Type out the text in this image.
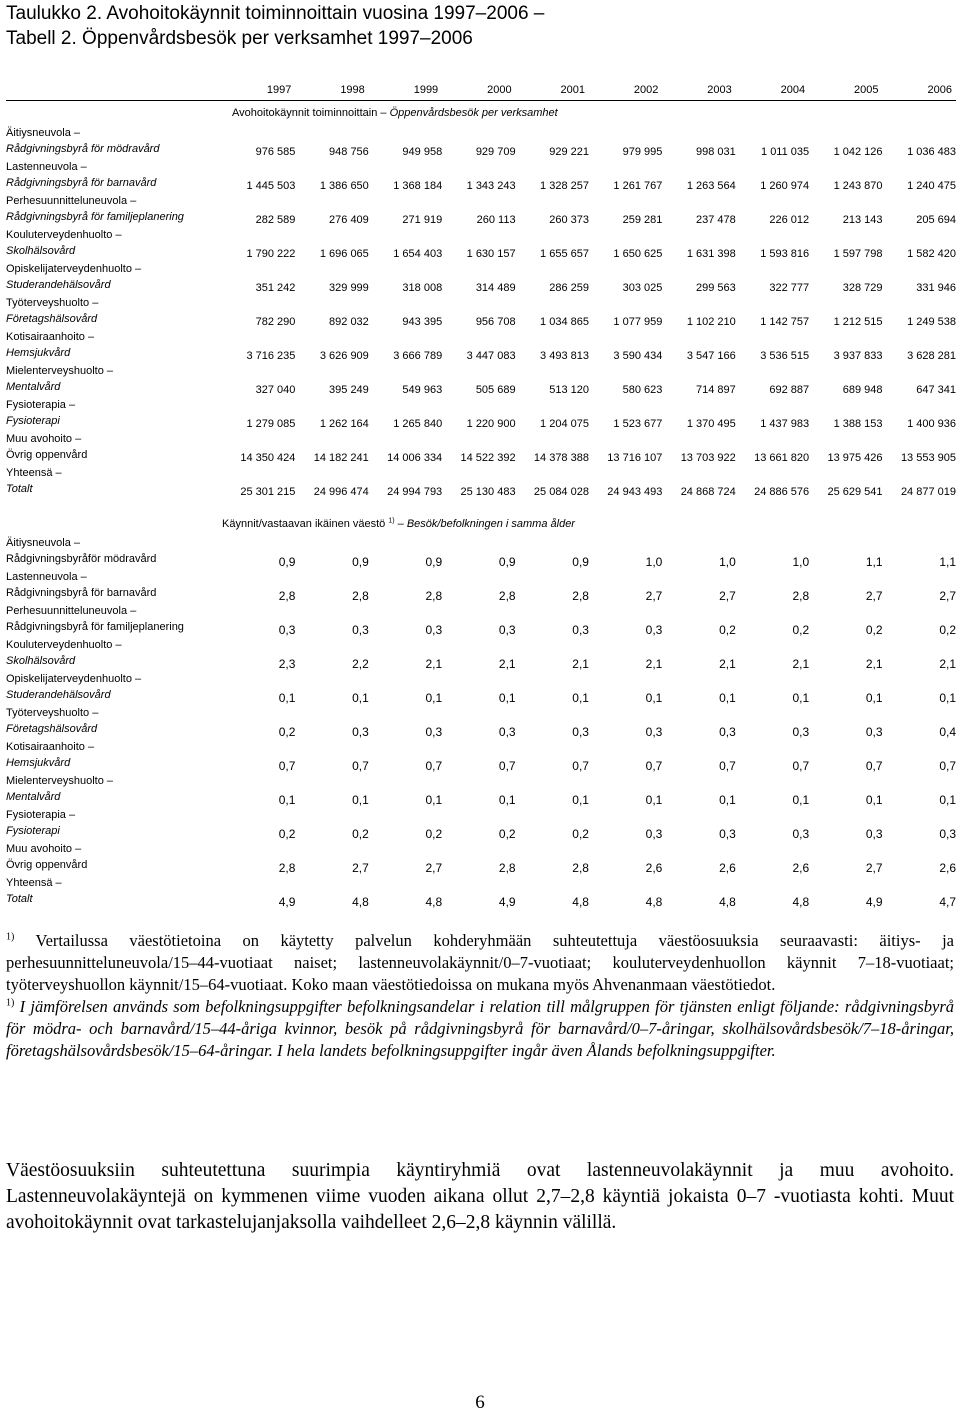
Taulukko 2. Avohoitokäynnit toiminnoittain vuosina 1997–2006 –
Tabell 2. Öppenvårdsbesök per verksamhet 1997–2006
	1997	1998	1999	2000	2001	2002	2003	2004	2005	2006
	Avohoitokäynnit toiminnoittain – Öppenvårdsbesök per verksamhet									

Äitiysneuvola –
Rådgivningsbyrå för mödravård	976 585	948 756	949 958	929 709	929 221	979 995	998 031	1 011 035	1 042 126	1 036 483

Lastenneuvola –
Rådgivningsbyrå för barnavård	1 445 503	1 386 650	1 368 184	1 343 243	1 328 257	1 261 767	1 263 564	1 260 974	1 243 870	1 240 475

Perhesuunnitteluneuvola –
Rådgivningsbyrå för familjeplanering	282 589	276 409	271 919	260 113	260 373	259 281	237 478	226 012	213 143	205 694

Kouluterveydenhuolto –
Skolhälsovård	1 790 222	1 696 065	1 654 403	1 630 157	1 655 657	1 650 625	1 631 398	1 593 816	1 597 798	1 582 420

Opiskelijaterveydenhuolto –
Studerandehälsovård	351 242	329 999	318 008	314 489	286 259	303 025	299 563	322 777	328 729	331 946

Työterveyshuolto –
Företagshälsovård	782 290	892 032	943 395	956 708	1 034 865	1 077 959	1 102 210	1 142 757	1 212 515	1 249 538

Kotisairaanhoito –
Hemsjukvård	3 716 235	3 626 909	3 666 789	3 447 083	3 493 813	3 590 434	3 547 166	3 536 515	3 937 833	3 628 281

Mielenterveyshuolto –
Mentalvård	327 040	395 249	549 963	505 689	513 120	580 623	714 897	692 887	689 948	647 341

Fysioterapia –
Fysioterapi	1 279 085	1 262 164	1 265 840	1 220 900	1 204 075	1 523 677	1 370 495	1 437 983	1 388 153	1 400 936

Muu avohoito –
Övrig oppenvård	14 350 424	14 182 241	14 006 334	14 522 392	14 378 388	13 716 107	13 703 922	13 661 820	13 975 426	13 553 905

Yhteensä –
Totalt	25 301 215	24 996 474	24 994 793	25 130 483	25 084 028	24 943 493	24 868 724	24 886 576	25 629 541	24 877 019
	Käynnit/vastaavan ikäinen väestö $^{1)}$ – Besök/befolkningen i samma ålder									

Äitiysneuvola –
Rådgivningsbyråför mödravård	0,9	0,9	0,9	0,9	0,9	1,0	1,0	1,0	1,1	1,1

Lastenneuvola –
Rådgivningsbyrå för barnavård	2,8	2,8	2,8	2,8	2,8	2,7	2,7	2,8	2,7	2,7

Perhesuunnitteluneuvola –
Rådgivningsbyrå för familjeplanering	0,3	0,3	0,3	0,3	0,3	0,3	0,2	0,2	0,2	0,2

Kouluterveydenhuolto –
Skolhälsovård	2,3	2,2	2,1	2,1	2,1	2,1	2,1	2,1	2,1	2,1

Opiskelijaterveydenhuolto –
Studerandehälsovård	0,1	0,1	0,1	0,1	0,1	0,1	0,1	0,1	0,1	0,1

Työterveyshuolto –
Företagshälsovård	0,2	0,3	0,3	0,3	0,3	0,3	0,3	0,3	0,3	0,4

Kotisairaanhoito –
Hemsjukvård	0,7	0,7	0,7	0,7	0,7	0,7	0,7	0,7	0,7	0,7

Mielenterveyshuolto –
Mentalvård	0,1	0,1	0,1	0,1	0,1	0,1	0,1	0,1	0,1	0,1

Fysioterapia –
Fysioterapi	0,2	0,2	0,2	0,2	0,2	0,3	0,3	0,3	0,3	0,3

Muu avohoito –
Övrig oppenvård	2,8	2,7	2,7	2,8	2,8	2,6	2,6	2,6	2,7	2,6

Yhteensä –
Totalt	4,9	4,8	4,8	4,9	4,8	4,8	4,8	4,8	4,9	4,7

$^{1)}$ Vertailussa väestötietoina on käytetty palvelun kohderyhmään suhteutettuja väestöosuuksia seuraavasti: äitiys- ja perhesuunnitteluneuvola/15–44-vuotiaat naiset; lastenneuvolakäynnit/0–7-vuotiaat; kouluterveydenhuollon käynnit 7–18-vuotiaat; työterveyshuollon käynnit/15–64-vuotiaat. Koko maan väestötiedoissa on mukana myös Ahvenanmaan väestötiedot.

$^{1)}$ I jämförelsen används som befolkningsuppgifter befolkningsandelar i relation till målgruppen för tjänsten enligt följande: rådgivningsbyrå för mödra- och barnavård/15–44-åriga kvinnor, besök på rådgivningsbyrå för barnavård/0–7-åringar, skolhälsovårdsbesök/7–18-åringar, företagshälsovårdsbesök/15–64-åringar. I hela landets befolkningsuppgifter ingår även Ålands befolkningsuppgifter.

Väestöosuuksiin suhteutettuna suurimpia käyntiryhmiä ovat lastenneuvolakäynnit ja muu avohoito. Lastenneuvolakäyntejä on kymmenen viime vuoden aikana ollut 2,7–2,8 käyntiä jokaista 0–7 -vuotiasta kohti. Muut avohoitokäynnit ovat tarkastelujanjaksolla vaihdelleet 2,6–2,8 käynnin välillä.

6
